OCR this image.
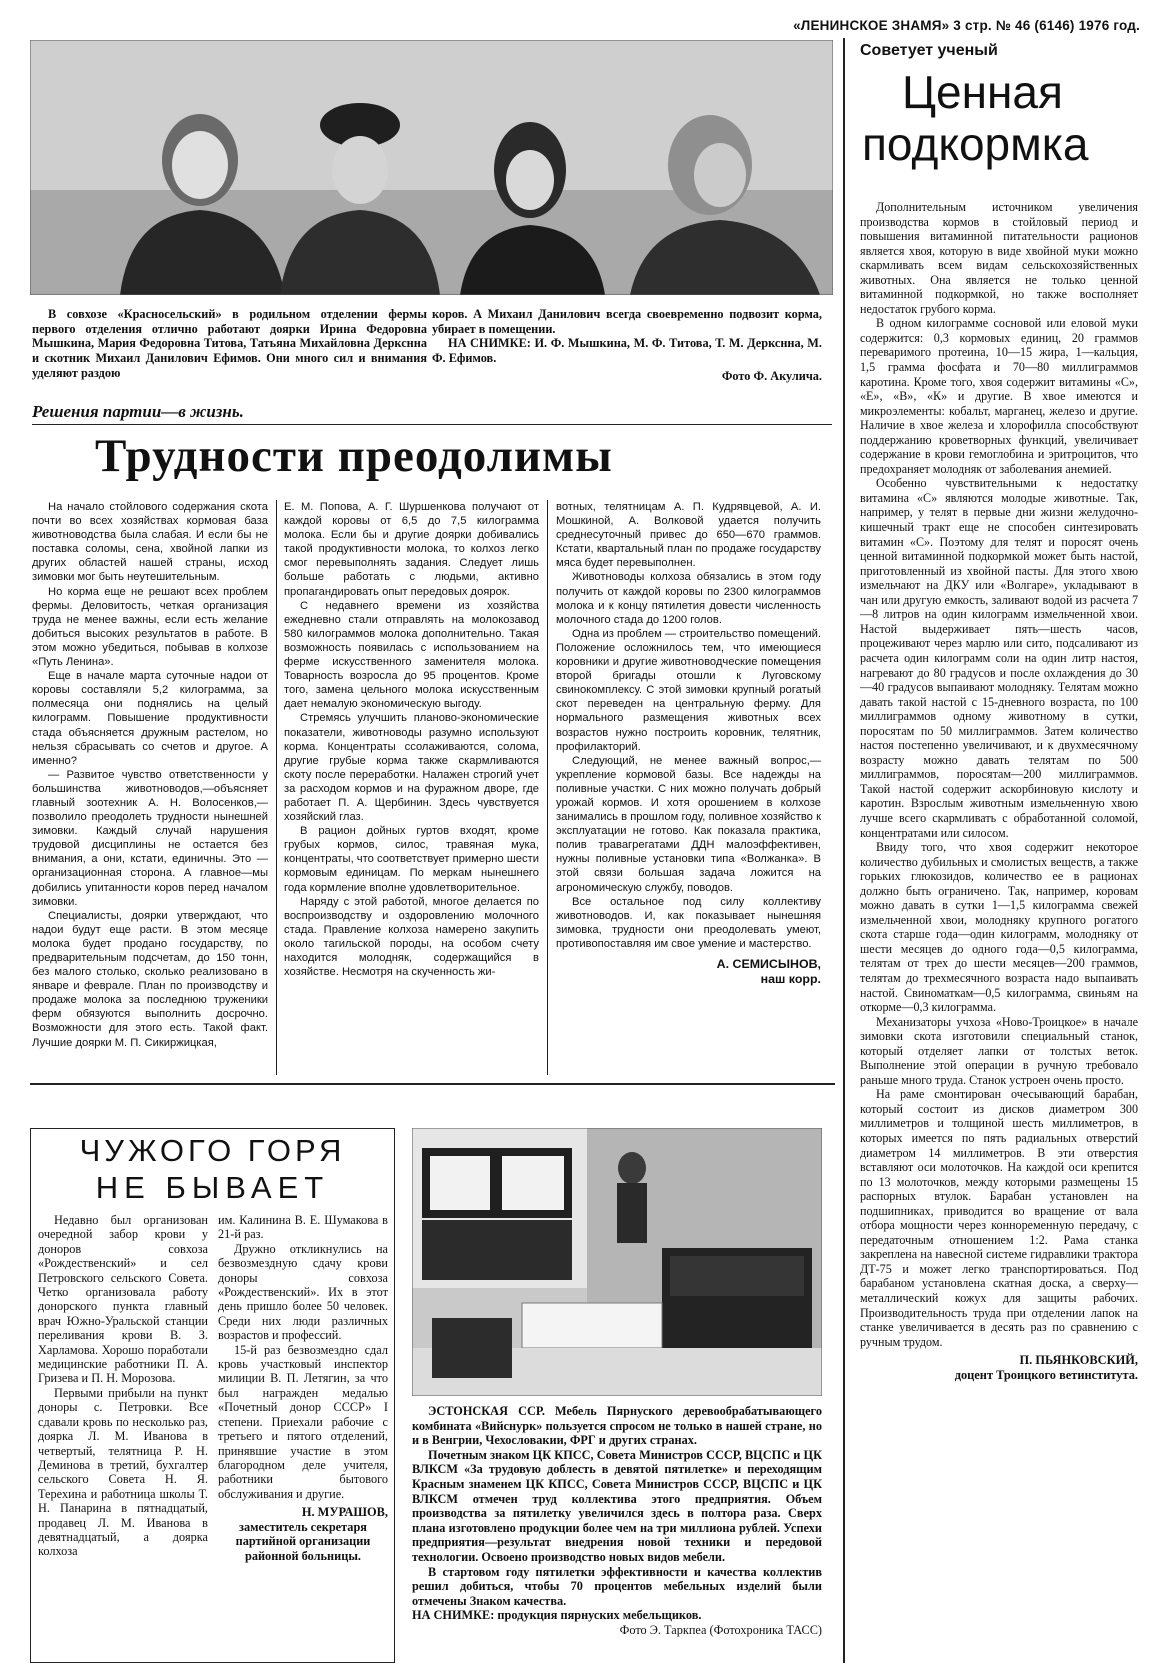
«ЛЕНИНСКОЕ ЗНАМЯ» 3 стр. № 46 (6146) 1976 год.

В совхозе «Красносельский» в родильном отделении фермы первого отделения отлично работают доярки Ирина Федоровна Мышкина, Мария Федоровна Титова, Татьяна Михайловна Деркснна и скотник Михаил Данилович Ефимов. Они много сил и внимания уделяют раздою

коров. А Михаил Данилович всегда своевременно подвозит корма, убирает в помещении.

НА СНИМКЕ: И. Ф. Мышкина, М. Ф. Титова, Т. М. Деркснна, М. Ф. Ефимов.

Фото Ф. Акулича.
Решения партии—в жизнь.
Трудности преодолимы

На начало стойлового содержания скота почти во всех хозяйствах кормовая база животноводства была слабая. И если бы не поставка соломы, сена, хвойной лапки из других областей нашей страны, исход зимовки мог быть неутешительным.

Но корма еще не решают всех проблем фермы. Деловитость, четкая организация труда не менее важны, если есть желание добиться высоких результатов в работе. В этом можно убедиться, побывав в колхозе «Путь Ленина».

Еще в начале марта суточные надои от коровы составляли 5,2 килограмма, за полмесяца они поднялись на целый килограмм. Повышение продуктивности стада объясняется дружным растелом, но нельзя сбрасывать со счетов и другое. А именно?

— Развитое чувство ответственности у большинства животноводов,—объясняет главный зоотехник А. Н. Волосенков,—позволило преодолеть трудности нынешней зимовки. Каждый случай нарушения трудовой дисциплины не остается без внимания, а они, кстати, единичны. Это — организационная сторона. А главное—мы добились упитанности коров перед началом зимовки.

Специалисты, доярки утверждают, что надои будут еще расти. В этом месяце молока будет продано государству, по предварительным подсчетам, до 150 тонн, без малого столько, сколько реализовано в январе и феврале. План по производству и продаже молока за последнюю труженики ферм обязуются выполнить досрочно. Возможности для этого есть. Такой факт. Лучшие доярки М. П. Сикиржицкая,

Е. М. Попова, А. Г. Шуршенкова получают от каждой коровы от 6,5 до 7,5 килограмма молока. Если бы и другие доярки добивались такой продуктивности молока, то колхоз легко смог перевыполнять задания. Следует лишь больше работать с людьми, активно пропагандировать опыт передовых доярок.

С недавнего времени из хозяйства ежедневно стали отправлять на молокозавод 580 килограммов молока дополнительно. Такая возможность появилась с использованием на ферме искусственного заменителя молока. Товарность возросла до 95 процентов. Кроме того, замена цельного молока искусственным дает немалую экономическую выгоду.

Стремясь улучшить планово-экономические показатели, животноводы разумно используют корма. Концентраты ссолаживаются, солома, другие грубые корма также скармливаются скоту после переработки. Налажен строгий учет за расходом кормов и на фуражном дворе, где работает П. А. Щербинин. Здесь чувствуется хозяйский глаз.

В рацион дойных гуртов входят, кроме грубых кормов, силос, травяная мука, концентраты, что соответствует примерно шести кормовым единицам. По меркам нынешнего года кормление вполне удовлетворительное.

Наряду с этой работой, многое делается по воспроизводству и оздоровлению молочного стада. Правление колхоза намерено закупить около тагильской породы, на особом счету находится молодняк, содержащийся в хозяйстве. Несмотря на скученность жи-

вотных, телятницам А. П. Кудрявцевой, А. И. Мошкиной, А. Волковой удается получить среднесуточный привес до 650—670 граммов. Кстати, квартальный план по продаже государству мяса будет перевыполнен.

Животноводы колхоза обязались в этом году получить от каждой коровы по 2300 килограммов молока и к концу пятилетия довести численность молочного стада до 1200 голов.

Одна из проблем — строительство помещений. Положение осложнилось тем, что имеющиеся коровники и другие животноводческие помещения второй бригады отошли к Луговскому свинокомплексу. С этой зимовки крупный рогатый скот переведен на центральную ферму. Для нормального размещения животных всех возрастов нужно построить коровник, телятник, профилакторий.

Следующий, не менее важный вопрос,—укрепление кормовой базы. Все надежды на поливные участки. С них можно получать добрый урожай кормов. И хотя орошением в колхозе занимались в прошлом году, поливное хозяйство к эксплуатации не готово. Как показала практика, полив травагрегатами ДДН малоэффективен, нужны поливные установки типа «Волжанка». В этой связи большая задача ложится на агрономическую службу, поводов.

Все остальное под силу коллективу животноводов. И, как показывает нынешняя зимовка, трудности они преодолевать умеют, противопоставляя им свое умение и мастерство.

А. СЕМИСЫНОВ,
наш корр.
Советует ученый
Ценная
подкормка

Дополнительным источником увеличения производства кормов в стойловый период и повышения витаминной питательности рационов является хвоя, которую в виде хвойной муки можно скармливать всем видам сельскохозяйственных животных. Она является не только ценной витаминной подкормкой, но также восполняет недостаток грубого корма.

В одном килограмме сосновой или еловой муки содержится: 0,3 кормовых единиц, 20 граммов переваримого протеина, 10—15 жира, 1—кальция, 1,5 грамма фосфата и 70—80 миллиграммов каротина. Кроме того, хвоя содержит витамины «С», «Е», «В», «К» и другие. В хвое имеются и микроэлементы: кобальт, марганец, железо и другие. Наличие в хвое железа и хлорофилла способствуют поддержанию кроветворных функций, увеличивает содержание в крови гемоглобина и эритроцитов, что предохраняет молодняк от заболевания анемией.

Особенно чувствительными к недостатку витамина «С» являются молодые животные. Так, например, у телят в первые дни жизни желудочно-кишечный тракт еще не способен синтезировать витамин «С». Поэтому для телят и поросят очень ценной витаминной подкормкой может быть настой, приготовленный из хвойной пасты. Для этого хвою измельчают на ДКУ или «Волгаре», укладывают в чан или другую емкость, заливают водой из расчета 7—8 литров на один килограмм измельченной хвои. Настой выдерживает пять—шесть часов, процеживают через марлю или сито, подсаливают из расчета один килограмм соли на один литр настоя, нагревают до 80 градусов и после охлаждения до 30—40 градусов выпаивают молодняку. Телятам можно давать такой настой с 15-дневного возраста, по 100 миллиграммов одному животному в сутки, поросятам по 50 миллиграммов. Затем количество настоя постепенно увеличивают, и к двухмесячному возрасту можно давать телятам по 500 миллиграммов, поросятам—200 миллиграммов. Такой настой содержит аскорбиновую кислоту и каротин. Взрослым животным измельченную хвою лучше всего скармливать с обработанной соломой, концентратами или силосом.

Ввиду того, что хвоя содержит некоторое количество дубильных и смолистых веществ, а также горьких глюкозидов, количество ее в рационах должно быть ограничено. Так, например, коровам можно давать в сутки 1—1,5 килограмма свежей измельченной хвои, молодняку крупного рогатого скота старше года—один килограмм, молодняку от шести месяцев до одного года—0,5 килограмма, телятам от трех до шести месяцев—200 граммов, телятам до трехмесячного возраста надо выпаивать настой. Свиноматкам—0,5 килограмма, свиньям на откорме—0,3 килограмма.

Механизаторы учхоза «Ново-Троицкое» в начале зимовки скота изготовили специальный станок, который отделяет лапки от толстых веток. Выполнение этой операции в ручную требовало раньше много труда. Станок устроен очень просто.

На раме смонтирован очесывающий барабан, который состоит из дисков диаметром 300 миллиметров и толщиной шесть миллиметров, в которых имеется по пять радиальных отверстий диаметром 14 миллиметров. В эти отверстия вставляют оси молоточков. На каждой оси крепится по 13 молоточков, между которыми размещены 15 распорных втулок. Барабан установлен на подшипниках, приводится во вращение от вала отбора мощности через конноременную передачу, с передаточным отношением 1:2. Рама станка закреплена на навесной системе гидравлики трактора ДТ-75 и может легко транспортироваться. Под барабаном установлена скатная доска, а сверху—металлический кожух для защиты рабочих. Производительность труда при отделении лапок на станке увеличивается в десять раз по сравнению с ручным трудом.

П. ПЬЯНКОВСКИЙ,
доцент Троицкого ветинститута.
ЧУЖОГО ГОРЯ
НЕ БЫВАЕТ

Недавно был организован очередной забор крови у доноров совхоза «Рождественский» и сел Петровского сельского Совета. Четко организовала работу донорского пункта главный врач Южно-Уральской станции переливания крови В. З. Харламова. Хорошо поработали медицинские работники П. А. Гризева и П. Н. Морозова.

Первыми прибыли на пункт доноры с. Петровки. Все сдавали кровь по несколько раз, доярка Л. М. Иванова в четвертый, телятница Р. Н. Деминова в третий, бухгалтер сельского Совета Н. Я. Терехина и работница школы Т. Н. Панарина в пятнадцатый, продавец Л. М. Иванова в девятнадцатый, а доярка колхоза

им. Калинина В. Е. Шумакова в 21-й раз.

Дружно откликнулись на безвозмездную сдачу крови доноры совхоза «Рождественский». Их в этот день пришло более 50 человек. Среди них люди различных возрастов и профессий.

15-й раз безвозмездно сдал кровь участковый инспектор милиции В. П. Летягин, за что был награжден медалью «Почетный донор СССР» I степени. Приехали рабочие с третьего и пятого отделений, принявшие участие в этом благородном деле учителя, работники бытового обслуживания и другие.

Н. МУРАШОВ,
заместитель секретаря партийной организации районной больницы.

ЭСТОНСКАЯ ССР. Мебель Пярнуского деревообрабатывающего комбината «Вийснурк» пользуется спросом не только в нашей стране, но и в Венгрии, Чехословакии, ФРГ и других странах.

Почетным знаком ЦК КПСС, Совета Министров СССР, ВЦСПС и ЦК ВЛКСМ «За трудовую доблесть в девятой пятилетке» и переходящим Красным знаменем ЦК КПСС, Совета Министров СССР, ВЦСПС и ЦК ВЛКСМ отмечен труд коллектива этого предприятия. Объем производства за пятилетку увеличился здесь в полтора раза. Сверх плана изготовлено продукции более чем на три миллиона рублей. Успехи предприятия—результат внедрения новой техники и передовой технологии. Освоено производство новых видов мебели.

В стартовом году пятилетки эффективности и качества коллектив решил добиться, чтобы 70 процентов мебельных изделий были отмечены Знаком качества.

НА СНИМКЕ: продукция пярнуских мебельщиков.
Фото Э. Таркпеа (Фотохроника ТАСС)
